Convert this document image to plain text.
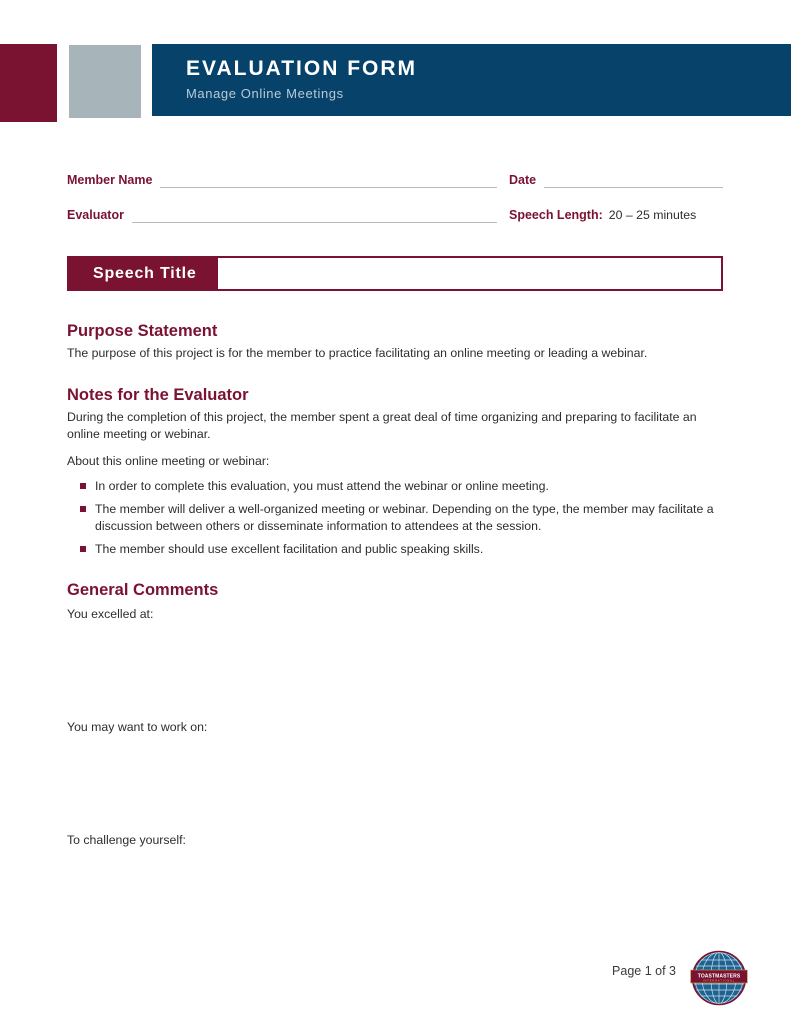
EVALUATION FORM
Manage Online Meetings
Member Name	Date
Evaluator	Speech Length: 20 – 25 minutes
Speech Title
Purpose Statement
The purpose of this project is for the member to practice facilitating an online meeting or leading a webinar.
Notes for the Evaluator
During the completion of this project, the member spent a great deal of time organizing and preparing to facilitate an online meeting or webinar.
About this online meeting or webinar:
In order to complete this evaluation, you must attend the webinar or online meeting.
The member will deliver a well-organized meeting or webinar. Depending on the type, the member may facilitate a discussion between others or disseminate information to attendees at the session.
The member should use excellent facilitation and public speaking skills.
General Comments
You excelled at:
You may want to work on:
To challenge yourself:
Page 1 of 3	TOASTMASTERS
INTERNATIONAL
